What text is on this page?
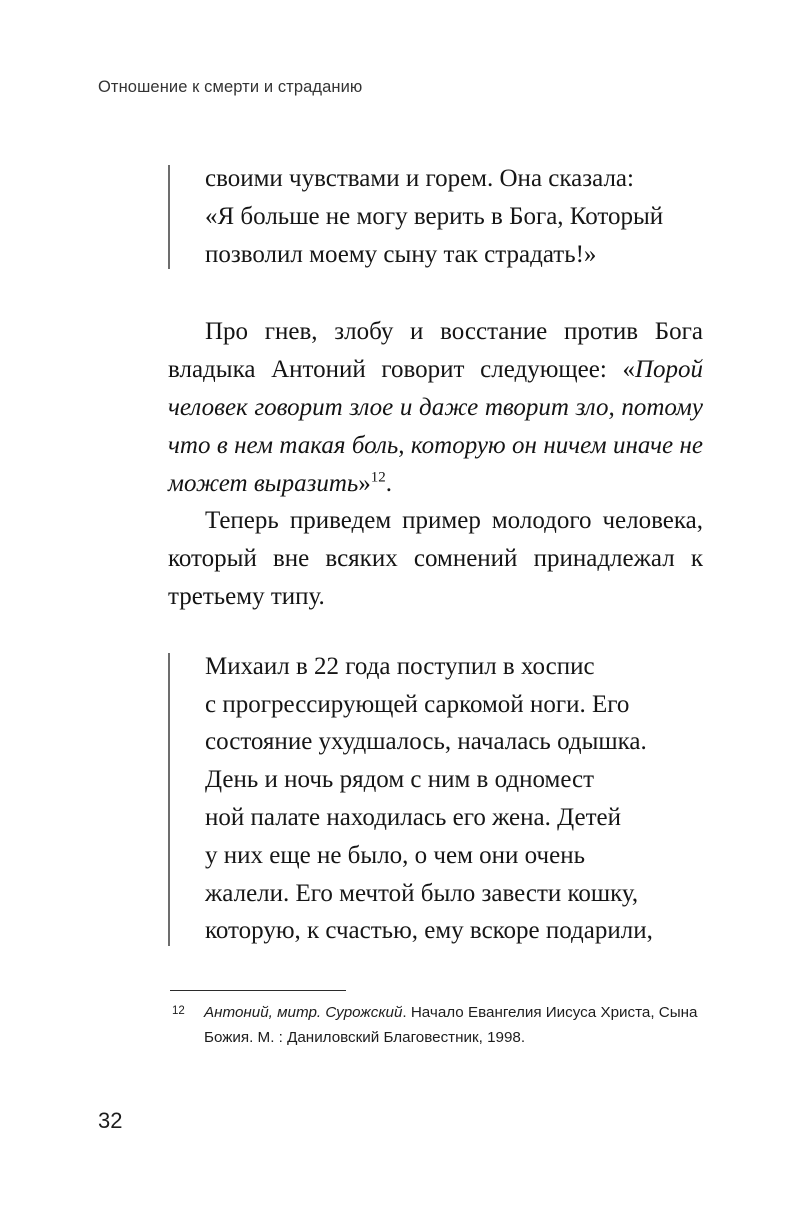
Отношение к смерти и страданию

своими чувствами и горем. Она сказала:

«Я больше не могу верить в Бога, Который

позволил моему сыну так страдать!»

Про гнев, злобу и восстание против Бога владыка Антоний говорит следующее: «Порой человек говорит злое и даже творит зло, потому что в нем такая боль, которую он ничем иначе не может выразить»$^{12}$.

Теперь приведем пример молодого человека, который вне всяких сомнений принадлежал к третьему типу.

Михаил в 22 года поступил в хоспис

с прогрессирующей саркомой ноги. Его

состояние ухудшалось, началась одышка.

День и ночь рядом с ним в одномест

ной палате находилась его жена. Детей

у них еще не было, о чем они очень

жалели. Его мечтой было завести кошку,

которую, к счастью, ему вскоре подарили,

12 Антоний, митр. Сурожский. Начало Евангелия Иисуса Христа, Сына Божия. М. : Даниловский Благовестник, 1998.
32
